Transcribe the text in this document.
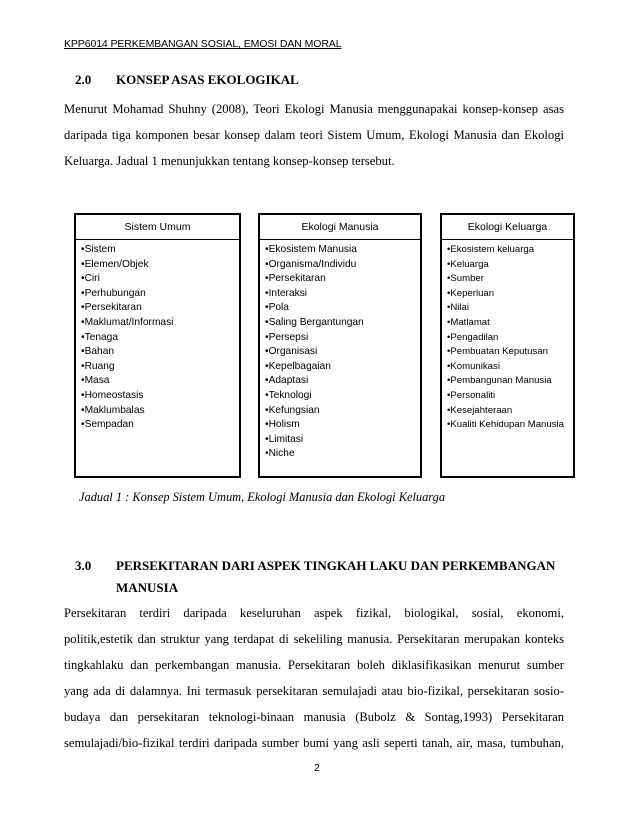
KPP6014 PERKEMBANGAN SOSIAL, EMOSI DAN MORAL
2.0 KONSEP ASAS EKOLOGIKAL
Menurut Mohamad Shuhny (2008), Teori Ekologi Manusia menggunapakai konsep-konsep asas
daripada tiga komponen besar konsep dalam teori Sistem Umum, Ekologi Manusia dan Ekologi
Keluarga. Jadual 1 menunjukkan tentang konsep-konsep tersebut.
Sistem Umum
•Sistem
•Elemen/Objek
•Ciri
•Perhubungan
•Persekitaran
•Maklumat/Informasi
•Tenaga
•Bahan
•Ruang
•Masa
•Homeostasis
•Maklumbalas
•Sempadan
Ekologi Manusia
•Ekosistem Manusia
•Organisma/Individu
•Persekitaran
•Interaksi
•Pola
•Saling Bergantungan
•Persepsi
•Organisasi
•Kepelbagaian
•Adaptasi
•Teknologi
•Kefungsian
•Holism
•Limitasi
•Niche
Ekologi Keluarga
•Ekosistem keluarga
•Keluarga
•Sumber
•Keperluan
•Nilai
•Matlamat
•Pengadilan
•Pembuatan Keputusan
•Komunikasi
•Pembangunan Manusia
•Personaliti
•Kesejahteraan
•Kualiti Kehidupan Manusia
Jadual 1 : Konsep Sistem Umum, Ekologi Manusia dan Ekologi Keluarga
3.0 PERSEKITARAN DARI ASPEK TINGKAH LAKU DAN PERKEMBANGAN
MANUSIA
Persekitaran terdiri daripada keseluruhan aspek fizikal, biologikal, sosial, ekonomi,
politik,estetik dan struktur yang terdapat di sekeliling manusia. Persekitaran merupakan konteks
tingkahlaku dan perkembangan manusia. Persekitaran boleh diklasifikasikan menurut sumber
yang ada di dalamnya. Ini termasuk persekitaran semulajadi atau bio-fizikal, persekitaran sosio-
budaya dan persekitaran teknologi-binaan manusia (Bubolz & Sontag,1993) Persekitaran
semulajadi/bio-fizikal terdiri daripada sumber bumi yang asli seperti tanah, air, masa, tumbuhan,
2
